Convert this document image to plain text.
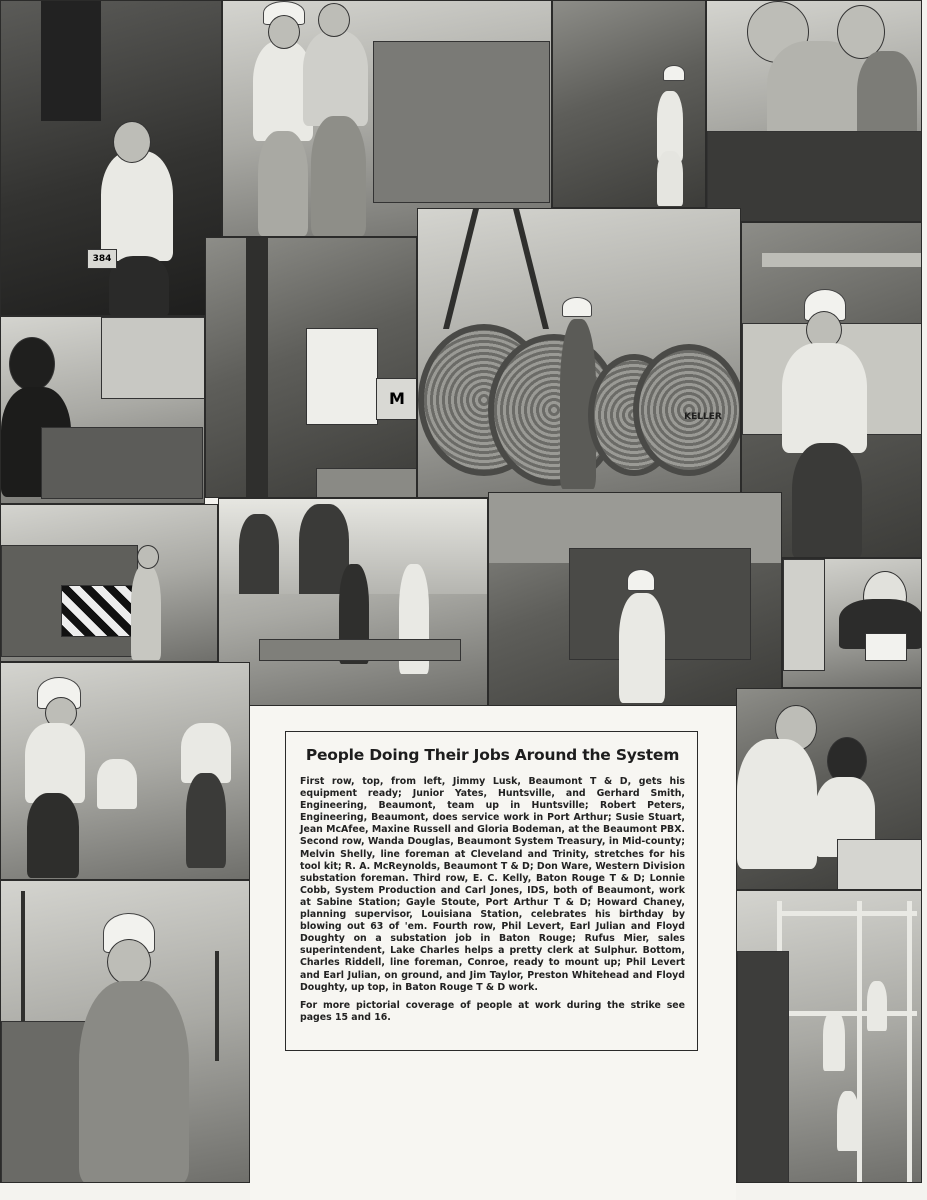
384
M
KELLER
People Doing Their Jobs Around the System

First row, top, from left, Jimmy Lusk, Beaumont T & D, gets his equipment ready; Junior Yates, Huntsville, and Gerhard Smith, Engineering, Beaumont, team up in Huntsville; Robert Peters, Engineering, Beaumont, does service work in Port Arthur; Susie Stuart, Jean McAfee, Maxine Russell and Gloria Bodeman, at the Beaumont PBX. Second row, Wanda Douglas, Beaumont System Treasury, in Mid-county; Melvin Shelly, line foreman at Cleveland and Trinity, stretches for his tool kit; R. A. McReynolds, Beaumont T & D; Don Ware, Western Division substation foreman. Third row, E. C. Kelly, Baton Rouge T & D; Lonnie Cobb, System Production and Carl Jones, IDS, both of Beaumont, work at Sabine Station; Gayle Stoute, Port Arthur T & D; Howard Chaney, planning supervisor, Louisiana Station, celebrates his birthday by blowing out 63 of 'em. Fourth row, Phil Levert, Earl Julian and Floyd Doughty on a substation job in Baton Rouge; Rufus Mier, sales superintendent, Lake Charles helps a pretty clerk at Sulphur. Bottom, Charles Riddell, line foreman, Conroe, ready to mount up; Phil Levert and Earl Julian, on ground, and Jim Taylor, Preston Whitehead and Floyd Doughty, up top, in Baton Rouge T & D work.

For more pictorial coverage of people at work during the strike see pages 15 and 16.
